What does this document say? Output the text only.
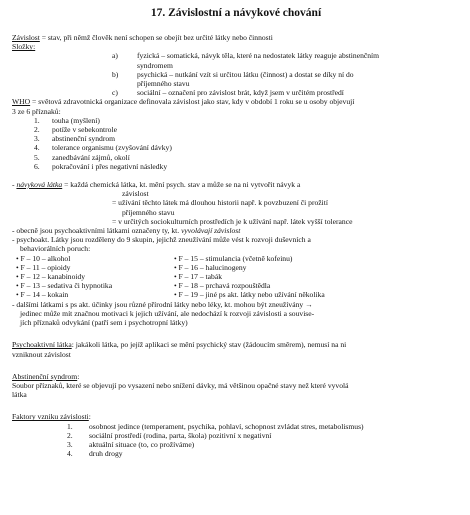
17. Závislostní a návykové chování

Závislost = stav, při němž člověk není schopen se obejít bez určité látky nebo činnosti

Složky:

a)	fyzická – somatická, návyk těla, které na nedostatek látky reaguje abstinenčním
syndromem
b)	psychická – nutkání vzít si určitou látku (činnost) a dostat se díky ní do
příjemného stavu
c)	sociální – označení pro závislost brát, když jsem v určitém prostředí

WHO = světová zdravotnická organizace definovala závislost jako stav, kdy v období 1 roku se u osoby objevují
3 ze 6 příznaků:

1.	touha (myšlení)
2.	potíže v sebekontrole
3.	abstinenční syndrom
4.	tolerance organismu (zvyšování dávky)
5.	zanedbávání zájmů, okolí
6.	pokračování i přes negativní následky

- návyková látka = každá chemická látka, kt. mění psych. stav a může se na ni vytvořit návyk a

závislost

= užívání těchto látek má dlouhou historii např. k povzbuzení či prožití

příjemného stavu

= v určitých sociokulturních prostředích je k užívání např. látek vyšší tolerance

- obecně jsou psychoaktivními látkami označeny ty, kt. vyvolávají závislost

- psychoakt. Látky jsou rozděleny do 9 skupin, jejichž zneužívání může vést k rozvoji duševních a

behaviorálních poruch:

• F – 10 – alkohol
• F – 11 – opioidy
• F – 12 – kanabinoidy
• F – 13 – sedativa či hypnotika
• F – 14 – kokain
• F – 15 – stimulancia (včetně kofeinu)
• F – 16 – halucinogeny
• F – 17 – tabák
• F – 18 – prchavá rozpouštědla
• F – 19 – jiné ps akt. látky nebo užívání několika

- dalšími látkami s ps akt. účinky jsou různé přírodní látky nebo léky, kt. mohou být zneužívány →

jedinec může mít značnou motivaci k jejich užívání, ale nedochází k rozvoji závislosti a souvise-

jích příznaků odvykání (patří sem i psychotropní látky)

Psychoaktivní látka: jakákoli látka, po jejíž aplikaci se mění psychický stav (žádoucím směrem), nemusí na ni

vzniknout závislost

Abstinenční syndrom:

Soubor příznaků, které se objevují po vysazení nebo snížení dávky, má většinou opačné stavy než které vyvolá

látka

Faktory vzniku závislosti:

1.	osobnost jedince (temperament, psychika, pohlaví, schopnost zvládat stres, metabolismus)
2.	sociální prostředí (rodina, parta, škola) pozitivní x negativní
3.	aktuální situace (to, co prožíváme)
4.	druh drogy
